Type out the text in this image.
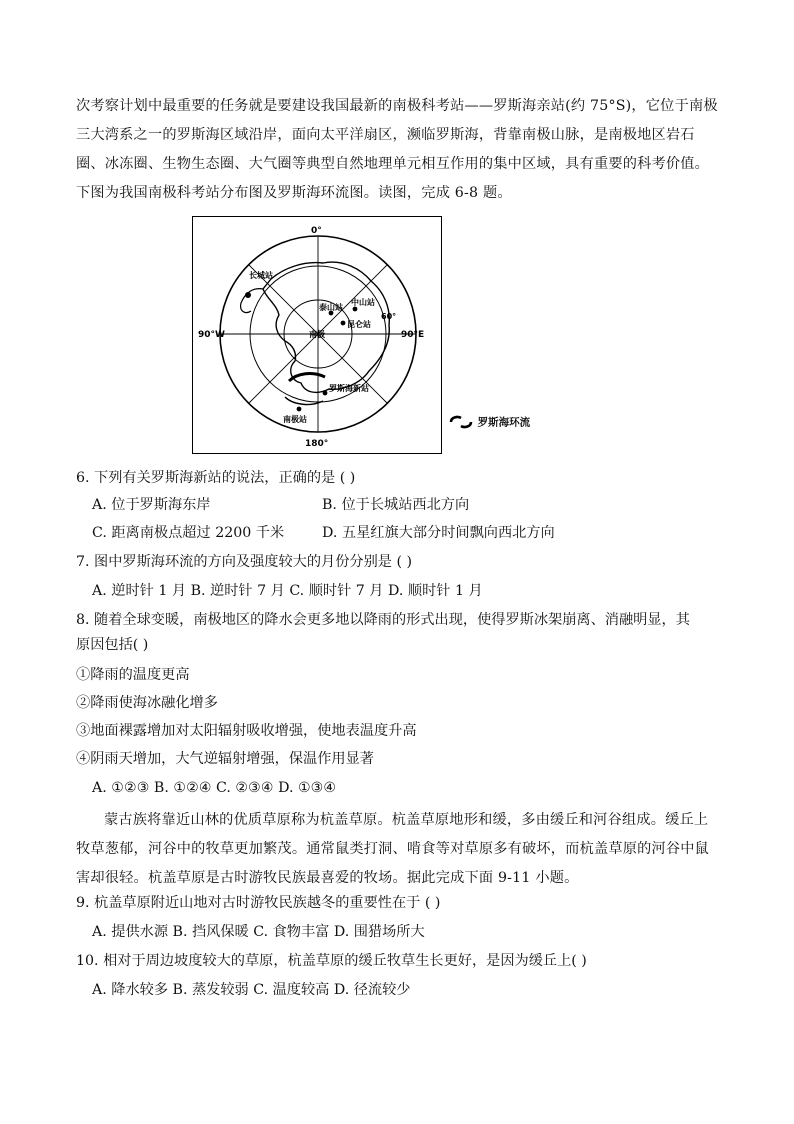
次考察计划中最重要的任务就是要建设我国最新的南极科考站——罗斯海亲站(约 75°S)，它位于南极三大湾系之一的罗斯海区域沿岸，面向太平洋扇区，濒临罗斯海，背靠南极山脉，是南极地区岩石圈、冰冻圈、生物生态圈、大气圈等典型自然地理单元相互作用的集中区域，具有重要的科考价值。下图为我国南极科考站分布图及罗斯海环流图。读图，完成 6-8 题。
0°
180°
90°W	90°E
60°
长城站
泰山站
中山站
昆仑站
南极
罗斯海新站
南极站	罗斯海环流
6. 下列有关罗斯海新站的说法，正确的是 ( )
A. 位于罗斯海东岸	B. 位于长城站西北方向
C. 距离南极点超过 2200 千米	D. 五星红旗大部分时间飘向西北方向
7. 图中罗斯海环流的方向及强度较大的月份分别是 ( )
A. 逆时针 1 月 B. 逆时针 7 月 C. 顺时针 7 月 D. 顺时针 1 月
8. 随着全球变暖，南极地区的降水会更多地以降雨的形式出现，使得罗斯冰架崩离、消融明显，其
原因包括( )
①降雨的温度更高
②降雨使海冰融化增多
③地面裸露增加对太阳辐射吸收增强，使地表温度升高
④阴雨天增加，大气逆辐射增强，保温作用显著
A. ①②③ B. ①②④ C. ②③④ D. ①③④
蒙古族将靠近山林的优质草原称为杭盖草原。杭盖草原地形和缓，多由缓丘和河谷组成。缓丘上牧草葱郁，河谷中的牧草更加繁茂。通常鼠类打洞、啃食等对草原多有破坏，而杭盖草原的河谷中鼠害却很轻。杭盖草原是古时游牧民族最喜爱的牧场。据此完成下面 9-11 小题。
9. 杭盖草原附近山地对古时游牧民族越冬的重要性在于 ( )
A. 提供水源 B. 挡风保暖 C. 食物丰富 D. 围猎场所大
10. 相对于周边坡度较大的草原，杭盖草原的缓丘牧草生长更好，是因为缓丘上( )
A. 降水较多 B. 蒸发较弱 C. 温度较高 D. 径流较少
